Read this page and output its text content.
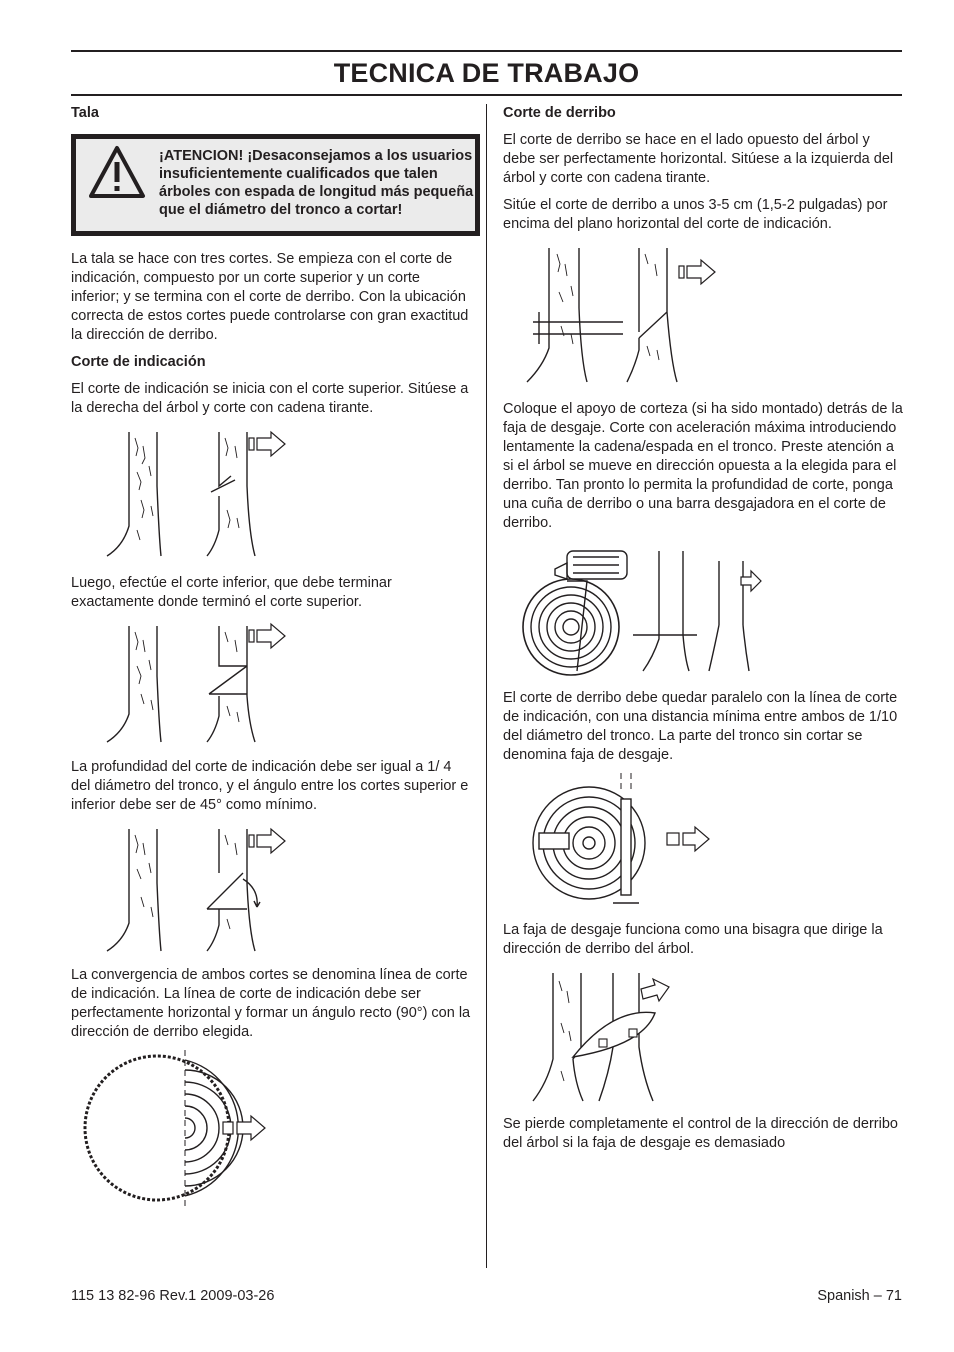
TECNICA DE TRABAJO
Tala
¡ATENCION! ¡Desaconsejamos a los usuarios insuficientemente cualificados que talen árboles con espada de longitud más pequeña que el diámetro del tronco a cortar!

La tala se hace con tres cortes. Se empieza con el corte de indicación, compuesto por un corte superior y un corte inferior; y se termina con el corte de derribo. Con la ubicación correcta de estos cortes puede controlarse con gran exactitud la dirección de derribo.

Corte de indicación

El corte de indicación se inicia con el corte superior. Sitúese a la derecha del árbol y corte con cadena tirante.

Luego, efectúe el corte inferior, que debe terminar exactamente donde terminó el corte superior.

La profundidad del corte de indicación debe ser igual a 1/ 4 del diámetro del tronco, y el ángulo entre los cortes superior e inferior debe ser de 45° como mínimo.

La convergencia de ambos cortes se denomina línea de corte de indicación. La línea de corte de indicación debe ser perfectamente horizontal y formar un ángulo recto (90°) con la dirección de derribo elegida.

Corte de derribo

El corte de derribo se hace en el lado opuesto del árbol y debe ser perfectamente horizontal. Sitúese a la izquierda del árbol y corte con cadena tirante.

Sitúe el corte de derribo a unos 3-5 cm (1,5-2 pulgadas) por encima del plano horizontal del corte de indicación.

Coloque el apoyo de corteza (si ha sido montado) detrás de la faja de desgaje. Corte con aceleración máxima introduciendo lentamente la cadena/espada en el tronco. Preste atención a si el árbol se mueve en dirección opuesta a la elegida para el derribo. Tan pronto lo permita la profundidad de corte, ponga una cuña de derribo o una barra desgajadora en el corte de derribo.

El corte de derribo debe quedar paralelo con la línea de corte de indicación, con una distancia mínima entre ambos de 1/10 del diámetro del tronco. La parte del tronco sin cortar se denomina faja de desgaje.

La faja de desgaje funciona como una bisagra que dirige la dirección de derribo del árbol.

Se pierde completamente el control de la dirección de derribo del árbol si la faja de desgaje es demasiado

115 13 82-96 Rev.1 2009-03-26	Spanish – 71
